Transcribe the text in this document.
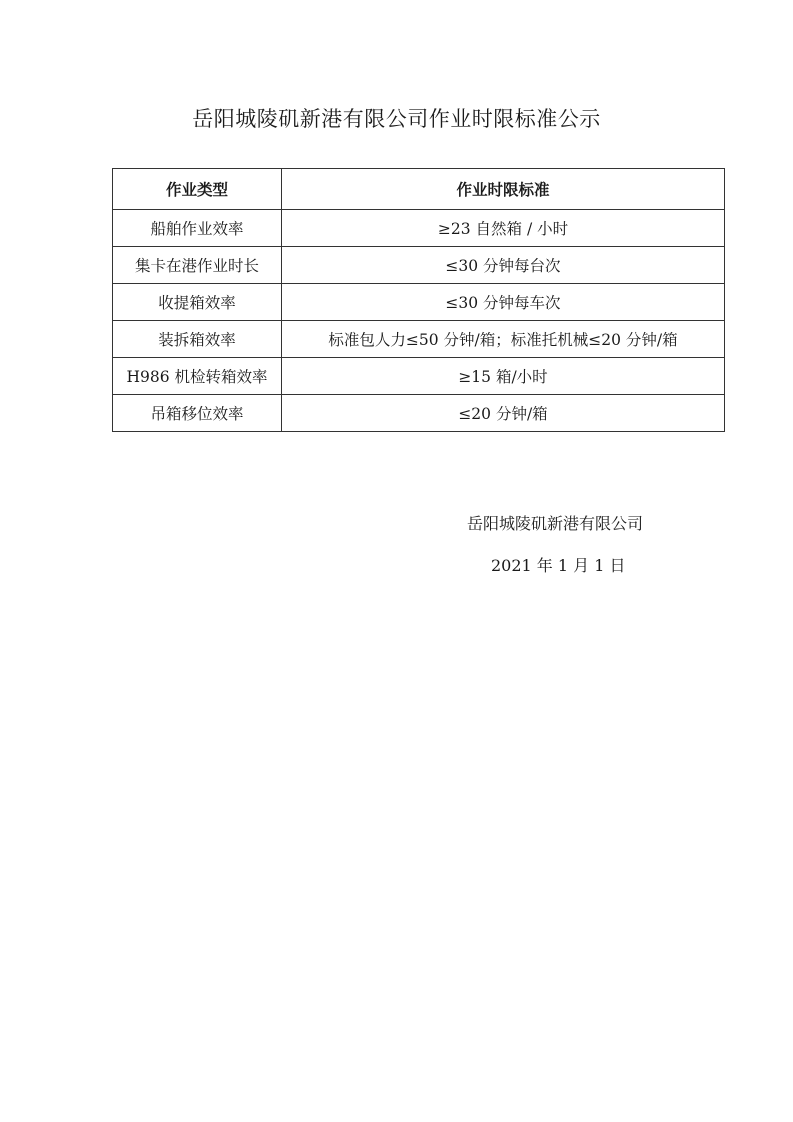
岳阳城陵矶新港有限公司作业时限标准公示
作业类型	作业时限标准
船舶作业效率	≥23 自然箱 / 小时
集卡在港作业时长	≤30 分钟每台次
收提箱效率	≤30 分钟每车次
装拆箱效率	标准包人力≤50 分钟/箱；标准托机械≤20 分钟/箱
H986 机检转箱效率	≥15 箱/小时
吊箱移位效率	≤20 分钟/箱
岳阳城陵矶新港有限公司
2021 年 1 月 1 日
